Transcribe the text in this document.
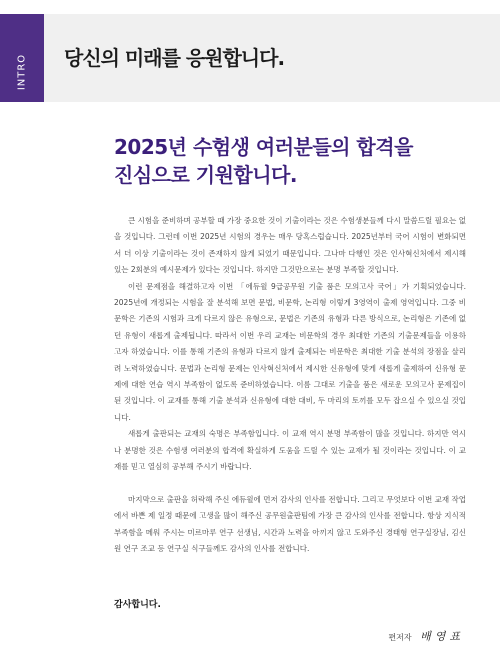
INTRO 당신의 미래를 응원합니다.
2025년 수험생 여러분들의 합격을
진심으로 기원합니다.

큰 시험을 준비하며 공부할 때 가장 중요한 것이 기출이라는 것은 수험생분들께 다시 말씀드릴 필요는 없을 것입니다. 그런데 이번 2025년 시험의 경우는 매우 당혹스럽습니다. 2025년부터 국어 시험이 변화되면서 더 이상 기출이라는 것이 존재하지 않게 되었기 때문입니다. 그나마 다행인 것은 인사혁신처에서 제시해 있는 2회분의 예시문제가 있다는 것입니다. 하지만 그것만으로는 분명 부족할 것입니다.

이런 문제점을 해결하고자 이번 「에듀윌 9급공무원 기출 품은 모의고사 국어」가 기획되었습니다. 2025년에 개정되는 시험을 잘 분석해 보면 문법, 비문학, 논리형 이렇게 3영역이 출제 영역입니다. 그중 비문학은 기존의 시험과 크게 다르지 않은 유형으로, 문법은 기존의 유형과 다른 방식으로, 논리형은 기존에 없던 유형이 새롭게 출제됩니다. 따라서 이번 우리 교재는 비문학의 경우 최대한 기존의 기출문제들을 이용하고자 하였습니다. 이를 통해 기존의 유형과 다르지 않게 출제되는 비문학은 최대한 기출 분석의 장점을 살리려 노력하였습니다. 문법과 논리형 문제는 인사혁신처에서 제시한 신유형에 맞게 새롭게 출제하여 신유형 문제에 대한 연습 역시 부족함이 없도록 준비하였습니다. 이름 그대로 기출을 품은 새로운 모의고사 문제집이 된 것입니다. 이 교재를 통해 기출 분석과 신유형에 대한 대비, 두 마리의 토끼를 모두 잡으실 수 있으실 것입니다.

새롭게 출판되는 교재의 숙명은 부족함입니다. 이 교재 역시 분명 부족함이 많을 것입니다. 하지만 역시나 분명한 것은 수험생 여러분의 합격에 확실하게 도움을 드릴 수 있는 교재가 될 것이라는 것입니다. 이 교재를 믿고 열심히 공부해 주시기 바랍니다.

마지막으로 출판을 허락해 주신 에듀윌에 먼저 감사의 인사를 전합니다. 그리고 무엇보다 이번 교재 작업에서 바쁜 제 일정 때문에 고생을 많이 해주신 공무원출판팀에 가장 큰 감사의 인사를 전합니다. 항상 지식적 부족함을 메워 주시는 미르마루 연구 선생님, 시간과 노력을 아끼지 않고 도와주신 경태형 연구실장님, 김신원 연구 조교 등 연구실 식구들께도 감사의 인사를 전합니다.

감사합니다.
편저자 배영표
